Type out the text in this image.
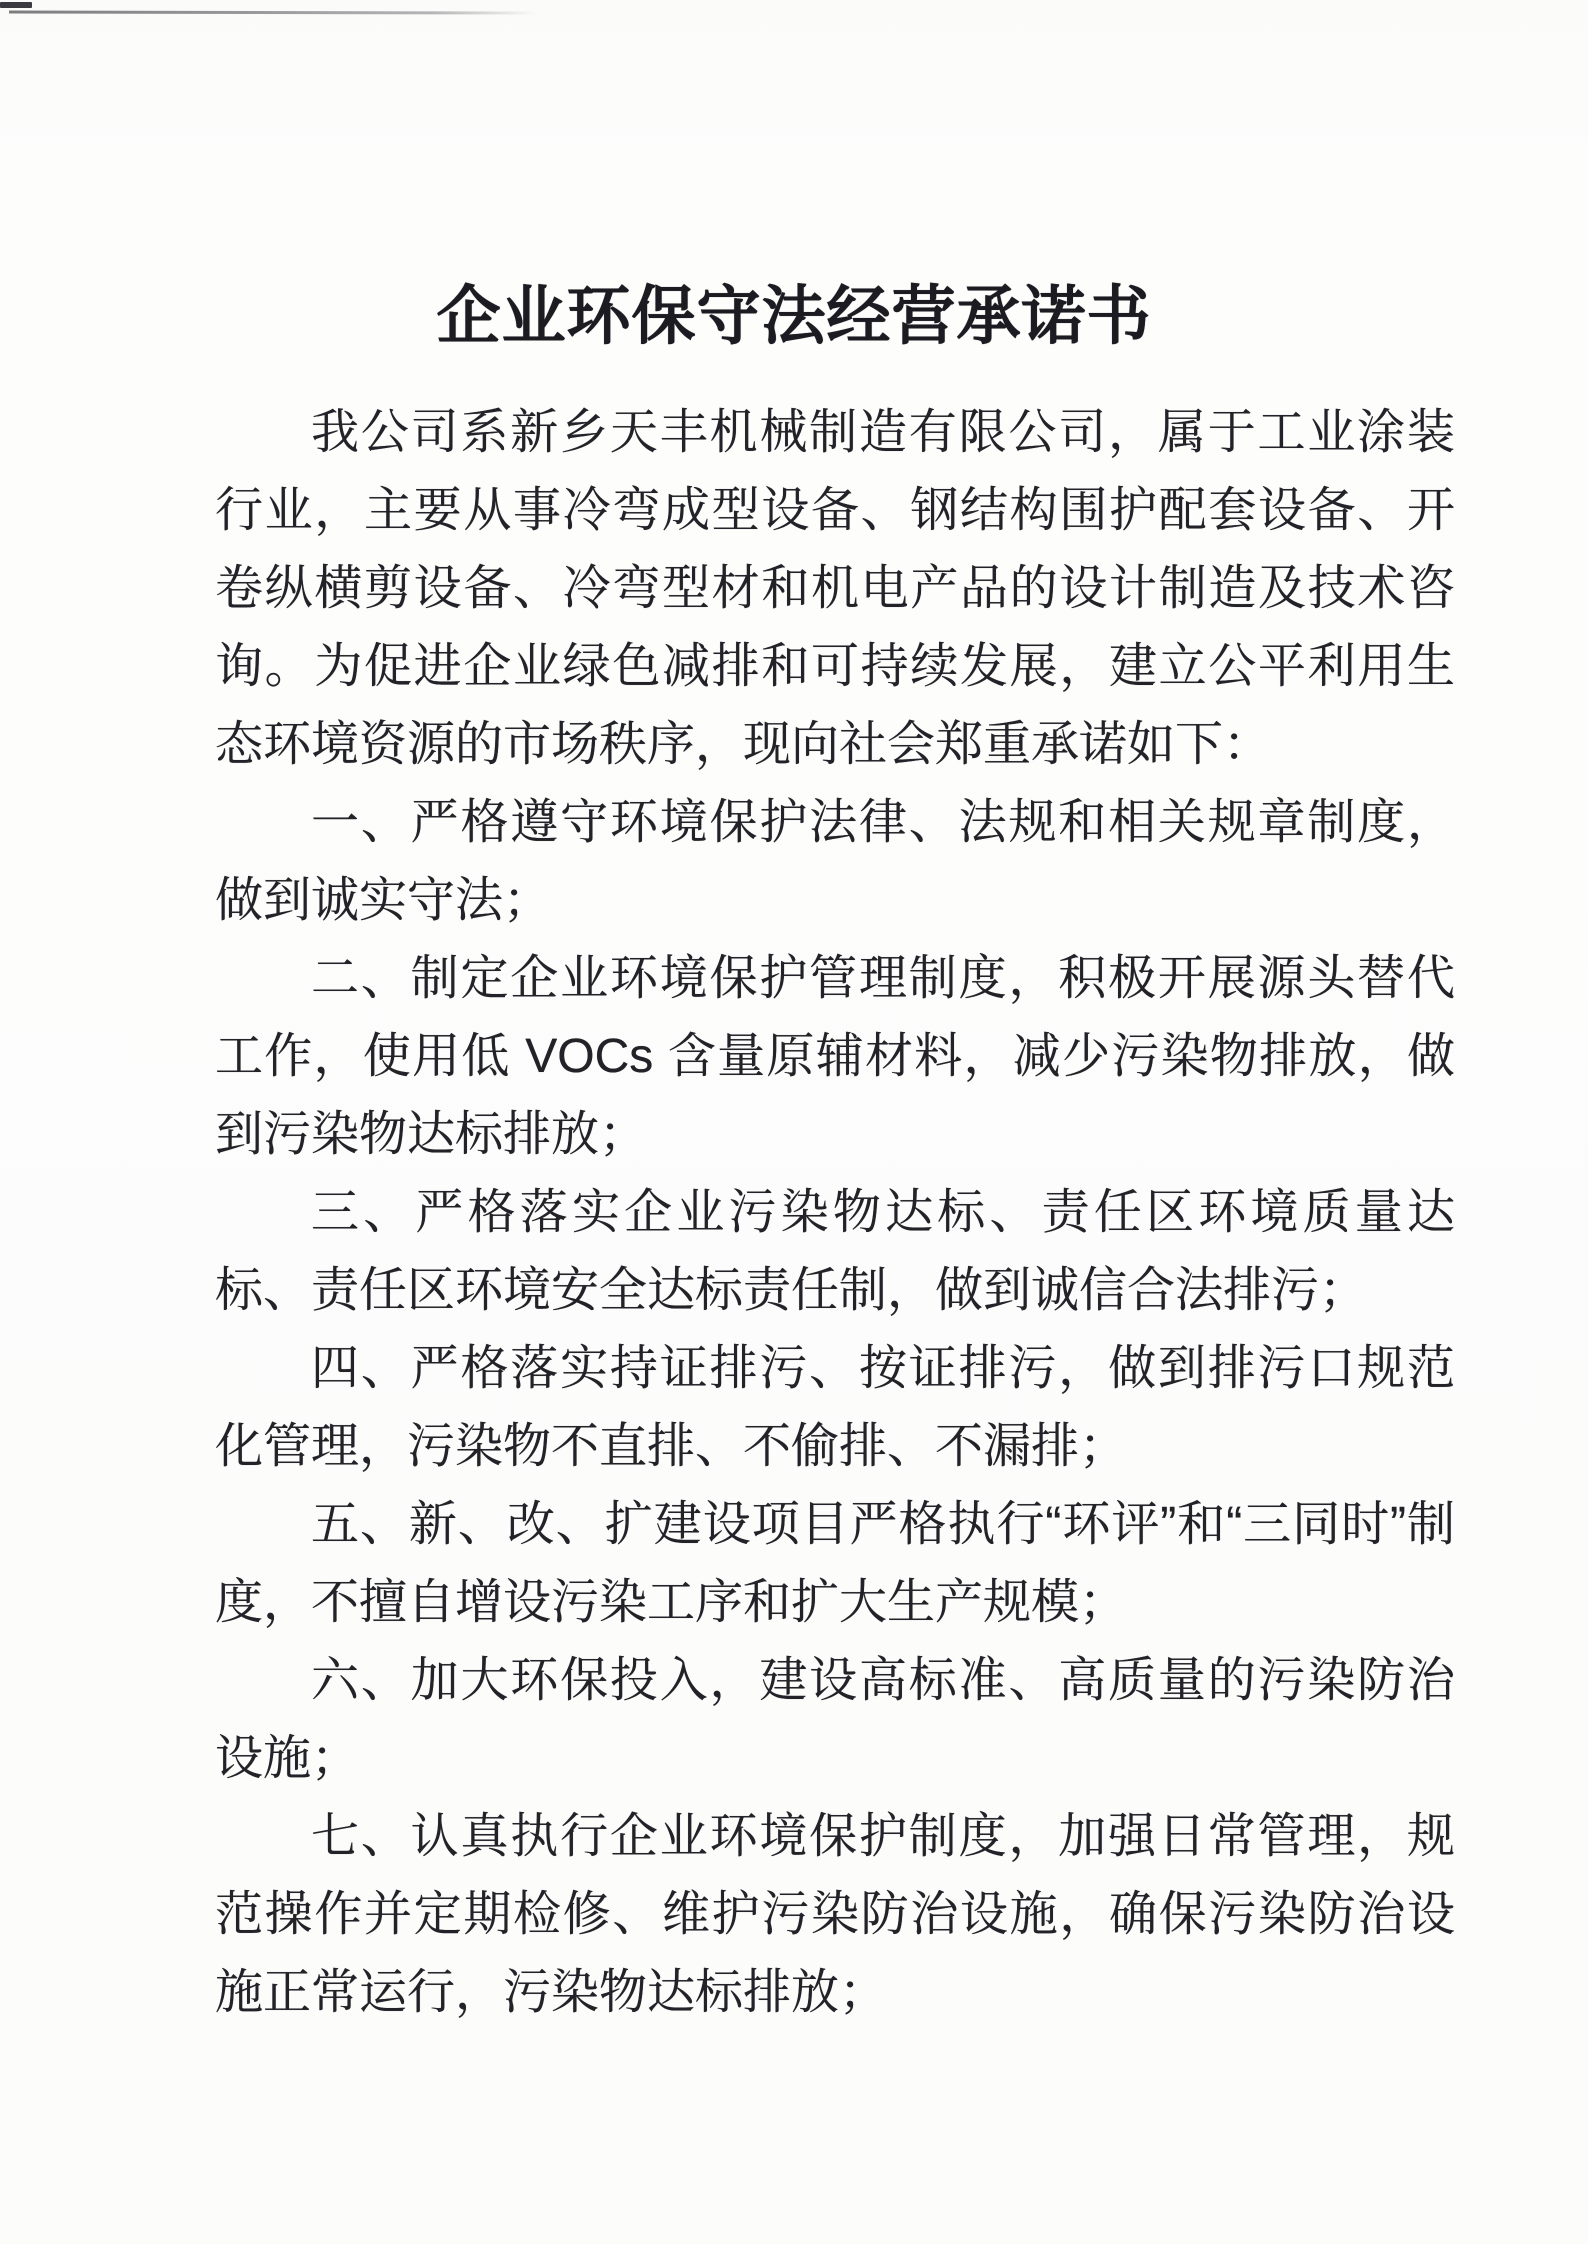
企业环保守法经营承诺书

我公司系新乡天丰机械制造有限公司，属于工业涂装行业，主要从事冷弯成型设备、钢结构围护配套设备、开卷纵横剪设备、冷弯型材和机电产品的设计制造及技术咨询。为促进企业绿色减排和可持续发展，建立公平利用生态环境资源的市场秩序，现向社会郑重承诺如下：

一、严格遵守环境保护法律、法规和相关规章制度，做到诚实守法；

二、制定企业环境保护管理制度，积极开展源头替代工作，使用低 VOCs 含量原辅材料，减少污染物排放，做到污染物达标排放；

三、严格落实企业污染物达标、责任区环境质量达标、责任区环境安全达标责任制，做到诚信合法排污；

四、严格落实持证排污、按证排污，做到排污口规范化管理，污染物不直排、不偷排、不漏排；

五、新、改、扩建设项目严格执行“环评”和“三同时”制度，不擅自增设污染工序和扩大生产规模；

六、加大环保投入，建设高标准、高质量的污染防治设施；

七、认真执行企业环境保护制度，加强日常管理，规范操作并定期检修、维护污染防治设施，确保污染防治设施正常运行，污染物达标排放；
